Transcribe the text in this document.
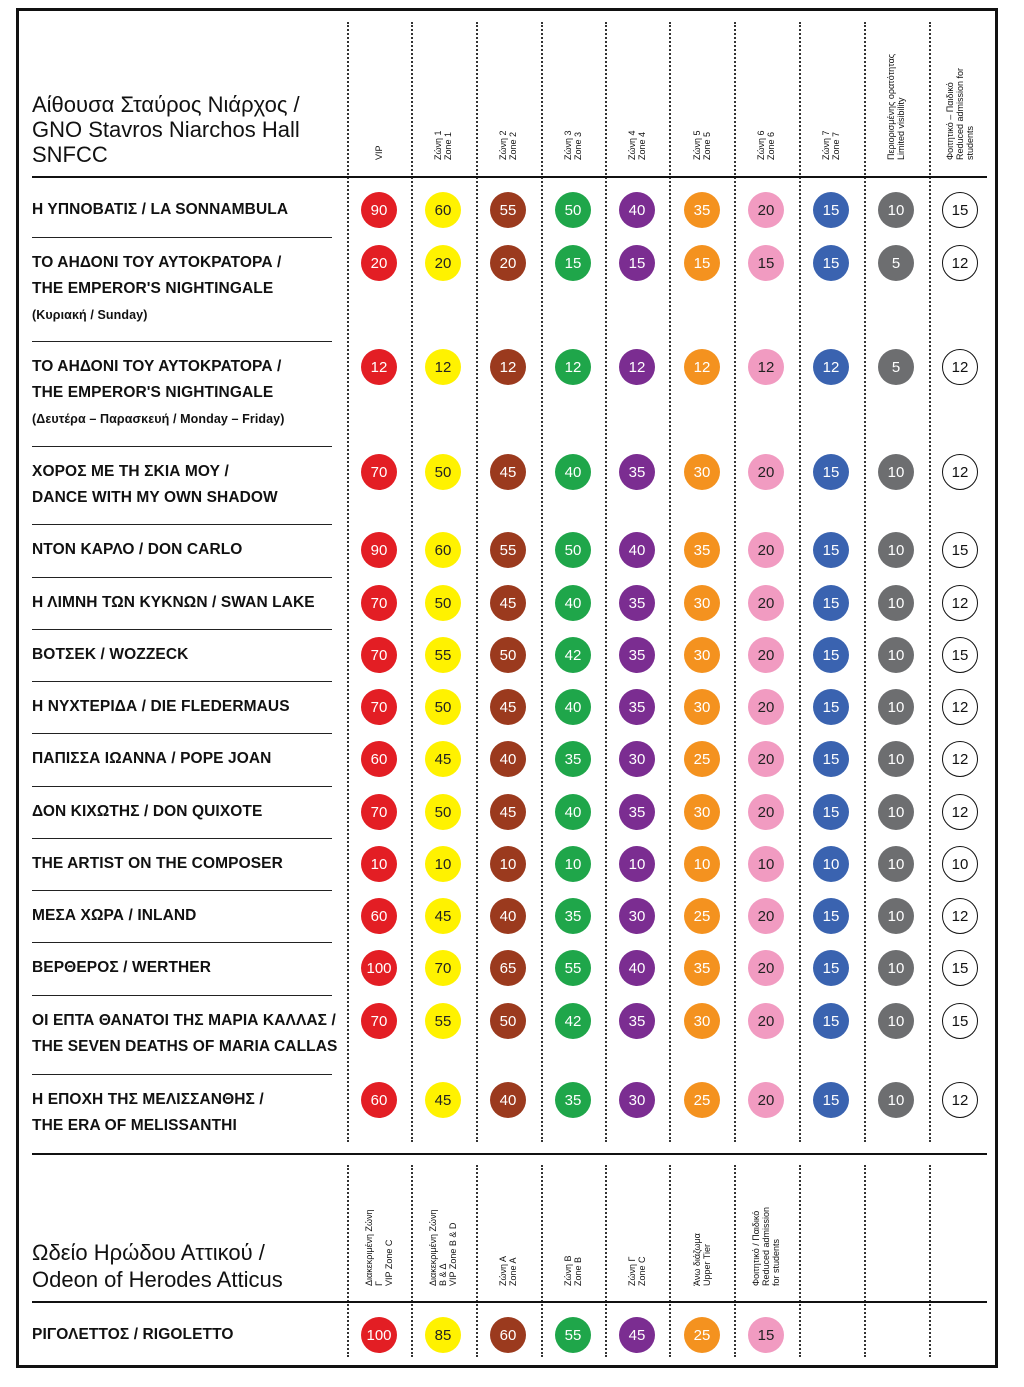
Αίθουσα Σταύρος Νιάρχος /
GNO Stavros Niarchos Hall
SNFCC	VIP	Ζώνη 1 Zone 1	Ζώνη 2 Zone 2	Ζώνη 3 Zone 3	Ζώνη 4 Zone 4	Ζώνη 5 Zone 5	Ζώνη 6 Zone 6	Ζώνη 7 Zone 7	Περιορισμένης ορατότητας Limited visibility	Φοιτητικό – Παιδικό Reduced admission for students
Η ΥΠΝΟΒΑΤΙΣ / LA SONNAMBULA	90	60	55	50	40	35	20	15	10	15
ΤΟ ΑΗΔΟΝΙ ΤΟΥ ΑΥΤΟΚΡΑΤΟΡΑ /
THE EMPEROR'S NIGHTINGALE
(Κυριακή / Sunday)
20	20	20	15	15	15	15	15	5	12
ΤΟ ΑΗΔΟΝΙ ΤΟΥ ΑΥΤΟΚΡΑΤΟΡΑ /
THE EMPEROR'S NIGHTINGALE
(Δευτέρα – Παρασκευή / Monday – Friday)
12	12	12	12	12	12	12	12	5	12
ΧΟΡΟΣ ΜΕ ΤΗ ΣΚΙΑ ΜΟΥ /
DANCE WITH MY OWN SHADOW
70	50	45	40	35	30	20	15	10	12
ΝΤΟΝ ΚΑΡΛΟ / DON CARLO	90	60	55	50	40	35	20	15	10	15
Η ΛΙΜΝΗ ΤΩΝ ΚΥΚΝΩΝ / SWAN LAKE	70	50	45	40	35	30	20	15	10	12
ΒΟΤΣΕΚ / WOZZECK	70	55	50	42	35	30	20	15	10	15
Η ΝΥΧΤΕΡΙΔΑ / DIE FLEDERMAUS	70	50	45	40	35	30	20	15	10	12
ΠΑΠΙΣΣΑ ΙΩΑΝΝΑ / POPE JOAN	60	45	40	35	30	25	20	15	10	12
ΔΟΝ ΚΙΧΩΤΗΣ / DON QUIXOTE	70	50	45	40	35	30	20	15	10	12
THE ARTIST ON THE COMPOSER	10	10	10	10	10	10	10	10	10	10
ΜΕΣΑ ΧΩΡΑ / INLAND	60	45	40	35	30	25	20	15	10	12
ΒΕΡΘΕΡΟΣ / WERTHER	100	70	65	55	40	35	20	15	10	15
ΟΙ ΕΠΤΑ ΘΑΝΑΤΟΙ ΤΗΣ ΜΑΡΙΑ ΚΑΛΛΑΣ /
THE SEVEN DEATHS OF MARIA CALLAS
70	55	50	42	35	30	20	15	10	15
Η ΕΠΟΧΗ ΤΗΣ ΜΕΛΙΣΣΑΝΘΗΣ /
THE ERA OF MELISSANTHI
60	45	40	35	30	25	20	15	10	12
Ωδείο Ηρώδου Αττικού /
Odeon of Herodes Atticus	Διακεκριμένη Ζώνη Γ VIP Zone C	Διακεκριμένη Ζώνη Β & Δ VIP Zone B & D	Ζώνη Α Zone A	Ζώνη Β Zone B	Ζώνη Γ Zone C	Άνω διάζωμα Upper Tier	Φοιτητικό / Παιδικό Reduced admission for students
ΡΙΓΟΛΕΤΤΟΣ / RIGOLETTO	100	85	60	55	45	25	15
